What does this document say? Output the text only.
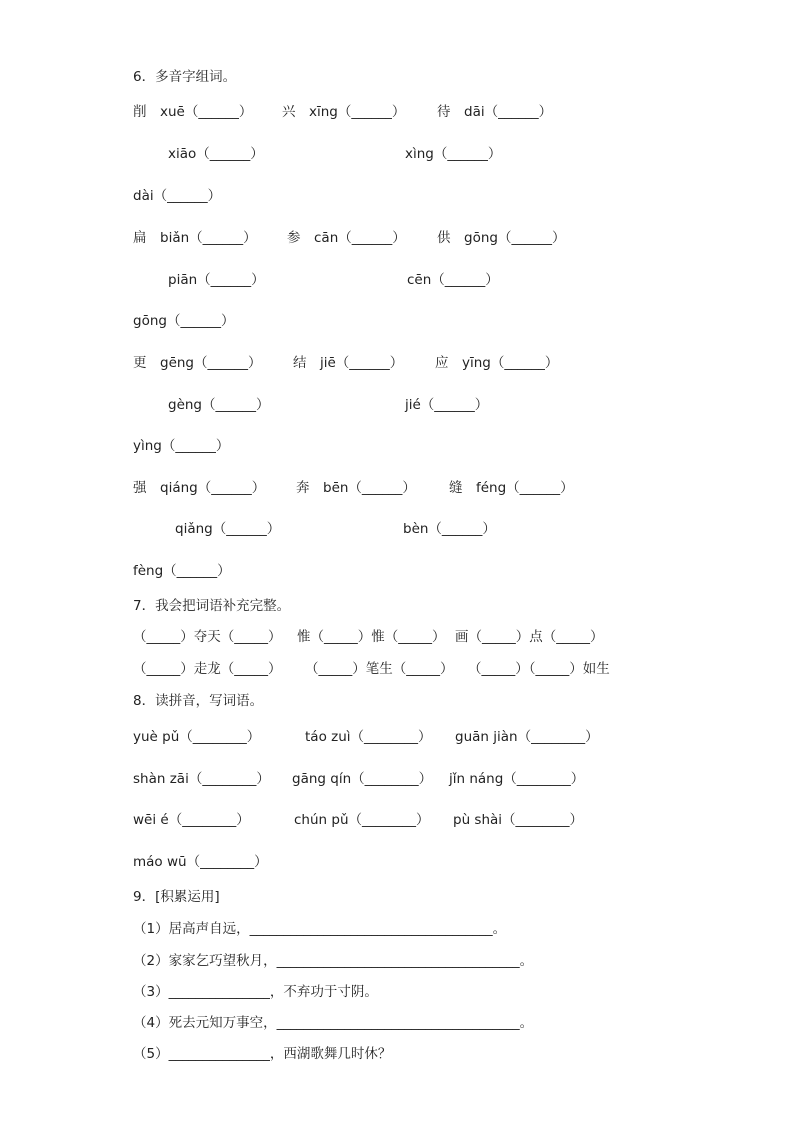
6．多音字组词。
削　xuē（______） 兴　xīng（______） 待　dāi（______）
xiāo（______）	xìng（______）
dài（______）
扁　biǎn（______） 参　cān（______） 供　gōng（______）
piān（______）	cēn（______）
gōng（______）
更　gēng（______） 结　jiē（______） 应　yīng（______）
gèng（______）	jié（______）
yìng（______）
强　qiáng（______） 奔　bēn（______） 缝　féng（______）
qiǎng（______）	bèn（______）
fèng（______）
7．我会把词语补充完整。
（_____）夺天（_____） 惟（_____）惟（_____） 画（_____）点（_____）
（_____）走龙（_____） （_____）笔生（_____） （_____）（_____）如生
8．读拼音，写词语。
yuè pǔ（________）	táo zuì（________） guān jiàn（________）
shàn zāi（________） gāng qín（________） jǐn náng（________）
wēi é（________）	chún pǔ（________） pù shài（________）
máo wū（________）
9．[积累运用]
（1）居高声自远，____________________________________。
（2）家家乞巧望秋月，____________________________________。
（3）_______________，不弃功于寸阴。
（4）死去元知万事空，____________________________________。
（5）_______________，西湖歌舞几时休？
